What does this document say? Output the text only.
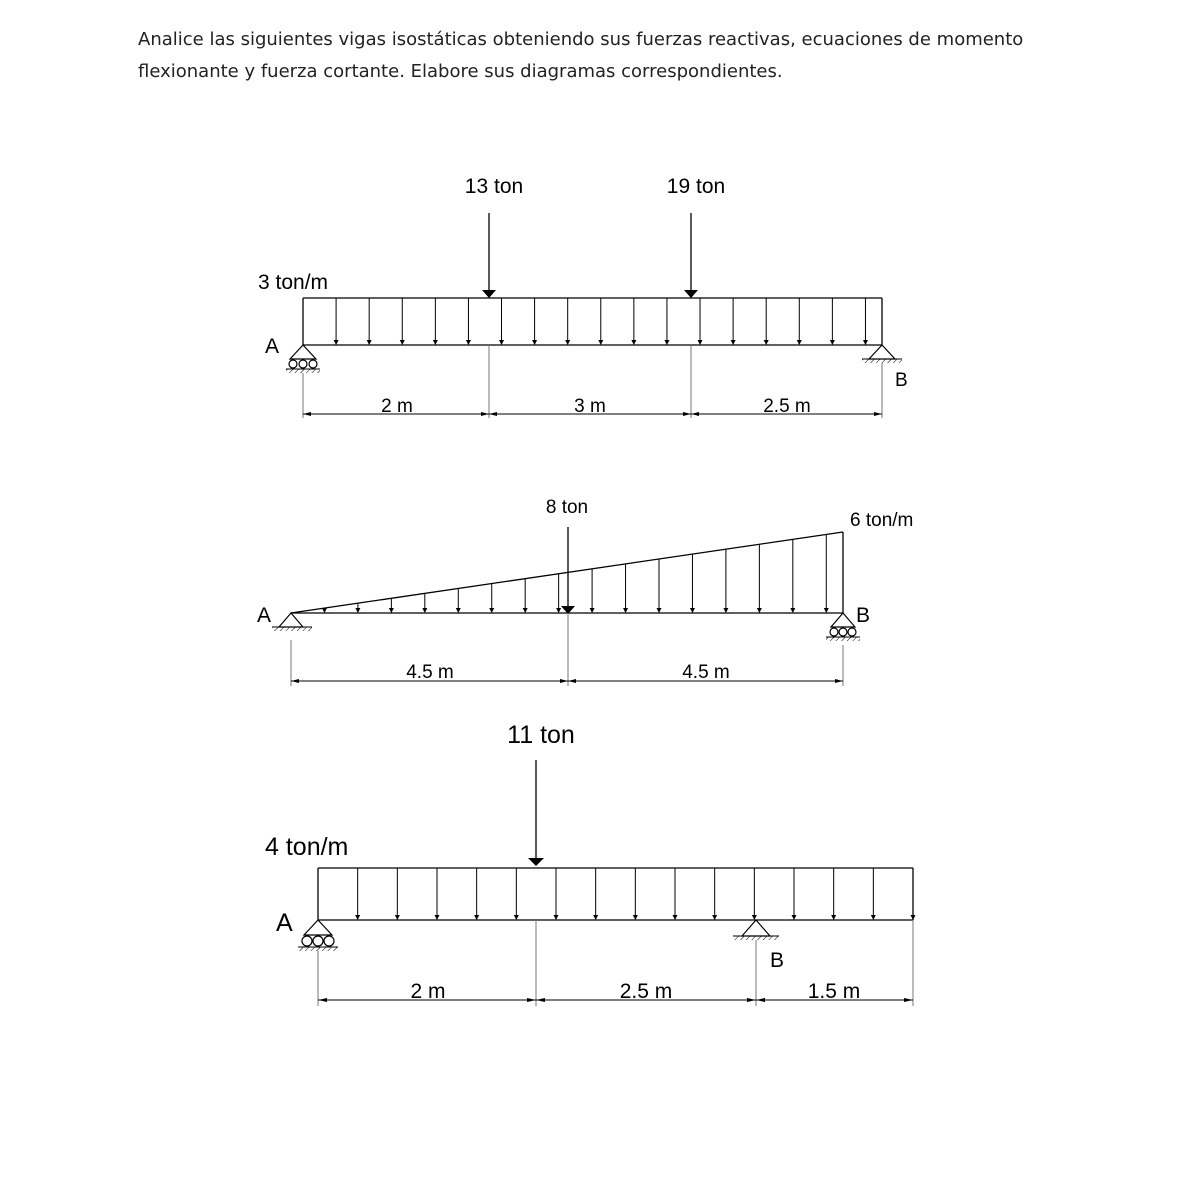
Analice las siguientes vigas isostáticas obteniendo sus fuerzas reactivas, ecuaciones de momento flexionante y fuerza cortante. Elabore sus diagramas correspondientes.
3 ton/m
13 ton	19 ton
A
B
2 m	3 m	2.5 m
8 ton
6 ton/m
A	B
4.5 m	4.5 m
11 ton
4 ton/m
A
B
2 m	2.5 m	1.5 m
